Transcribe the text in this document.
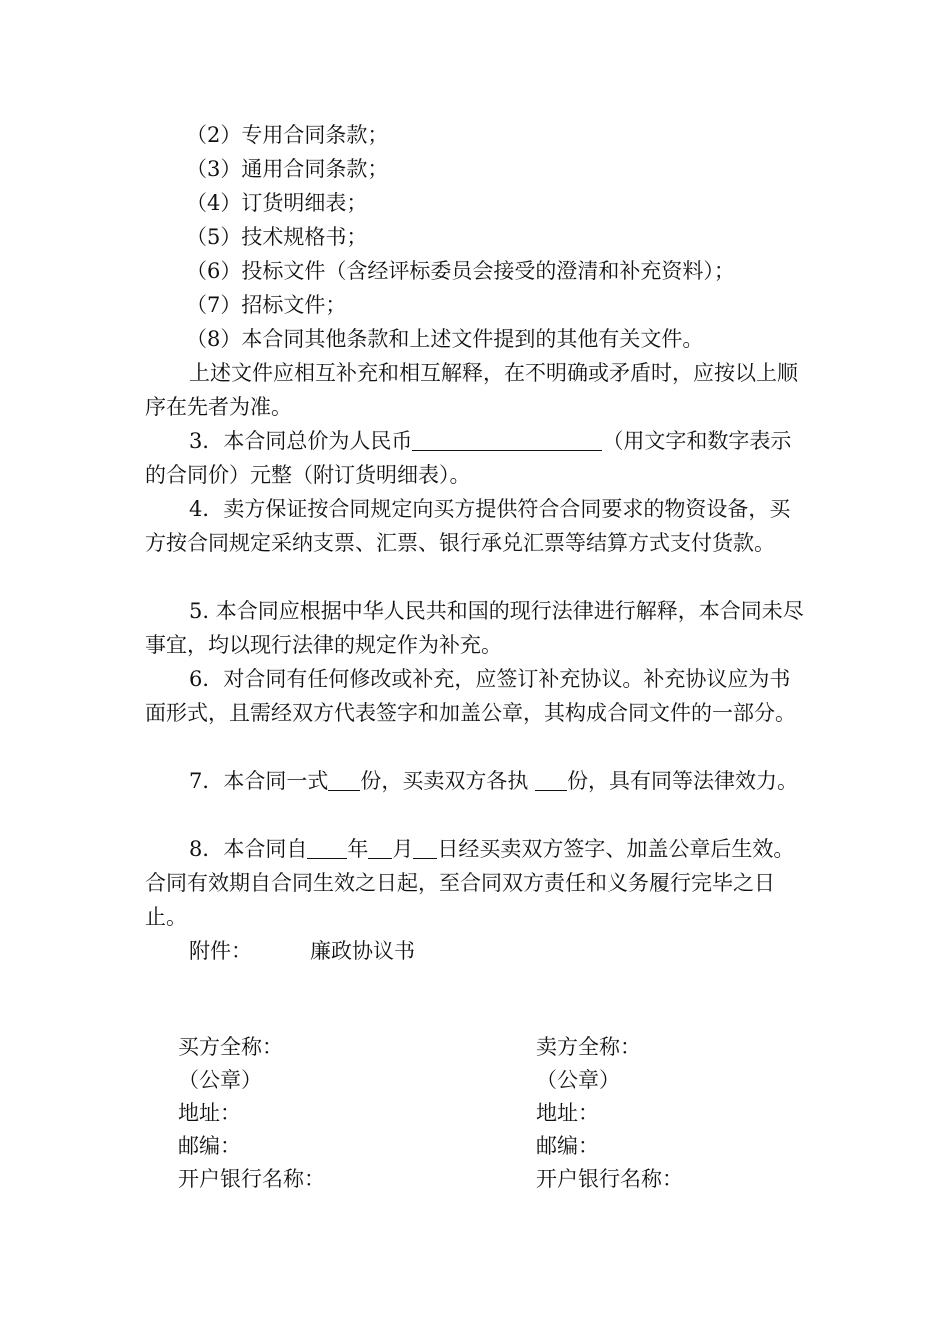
（2）专用合同条款；
（3）通用合同条款；
（4）订货明细表；
（5）技术规格书；
（6）投标文件（含经评标委员会接受的澄清和补充资料）；
（7）招标文件；
（8）本合同其他条款和上述文件提到的其他有关文件。

上述文件应相互补充和相互解释，在不明确或矛盾时，应按以上顺序在先者为准。

3．本合同总价为人民币	（用文字和数字表示的合同价）元整（附订货明细表）。

4．卖方保证按合同规定向买方提供符合合同要求的物资设备，买方按合同规定采纳支票、汇票、银行承兑汇票等结算方式支付货款。

5. 本合同应根据中华人民共和国的现行法律进行解释，本合同未尽事宜，均以现行法律的规定作为补充。

6．对合同有任何修改或补充，应签订补充协议。补充协议应为书面形式，且需经双方代表签字和加盖公章，其构成合同文件的一部分。

7．本合同一式 份，买卖双方各执 份，具有同等法律效力。

8．本合同自 年 月 日经买卖双方签字、加盖公章后生效。合同有效期自合同生效之日起，至合同双方责任和义务履行完毕之日止。

附件：	廉政协议书
买方全称：
（公章）
地址：
邮编：
开户银行名称：
卖方全称：
（公章）
地址：
邮编：
开户银行名称：
